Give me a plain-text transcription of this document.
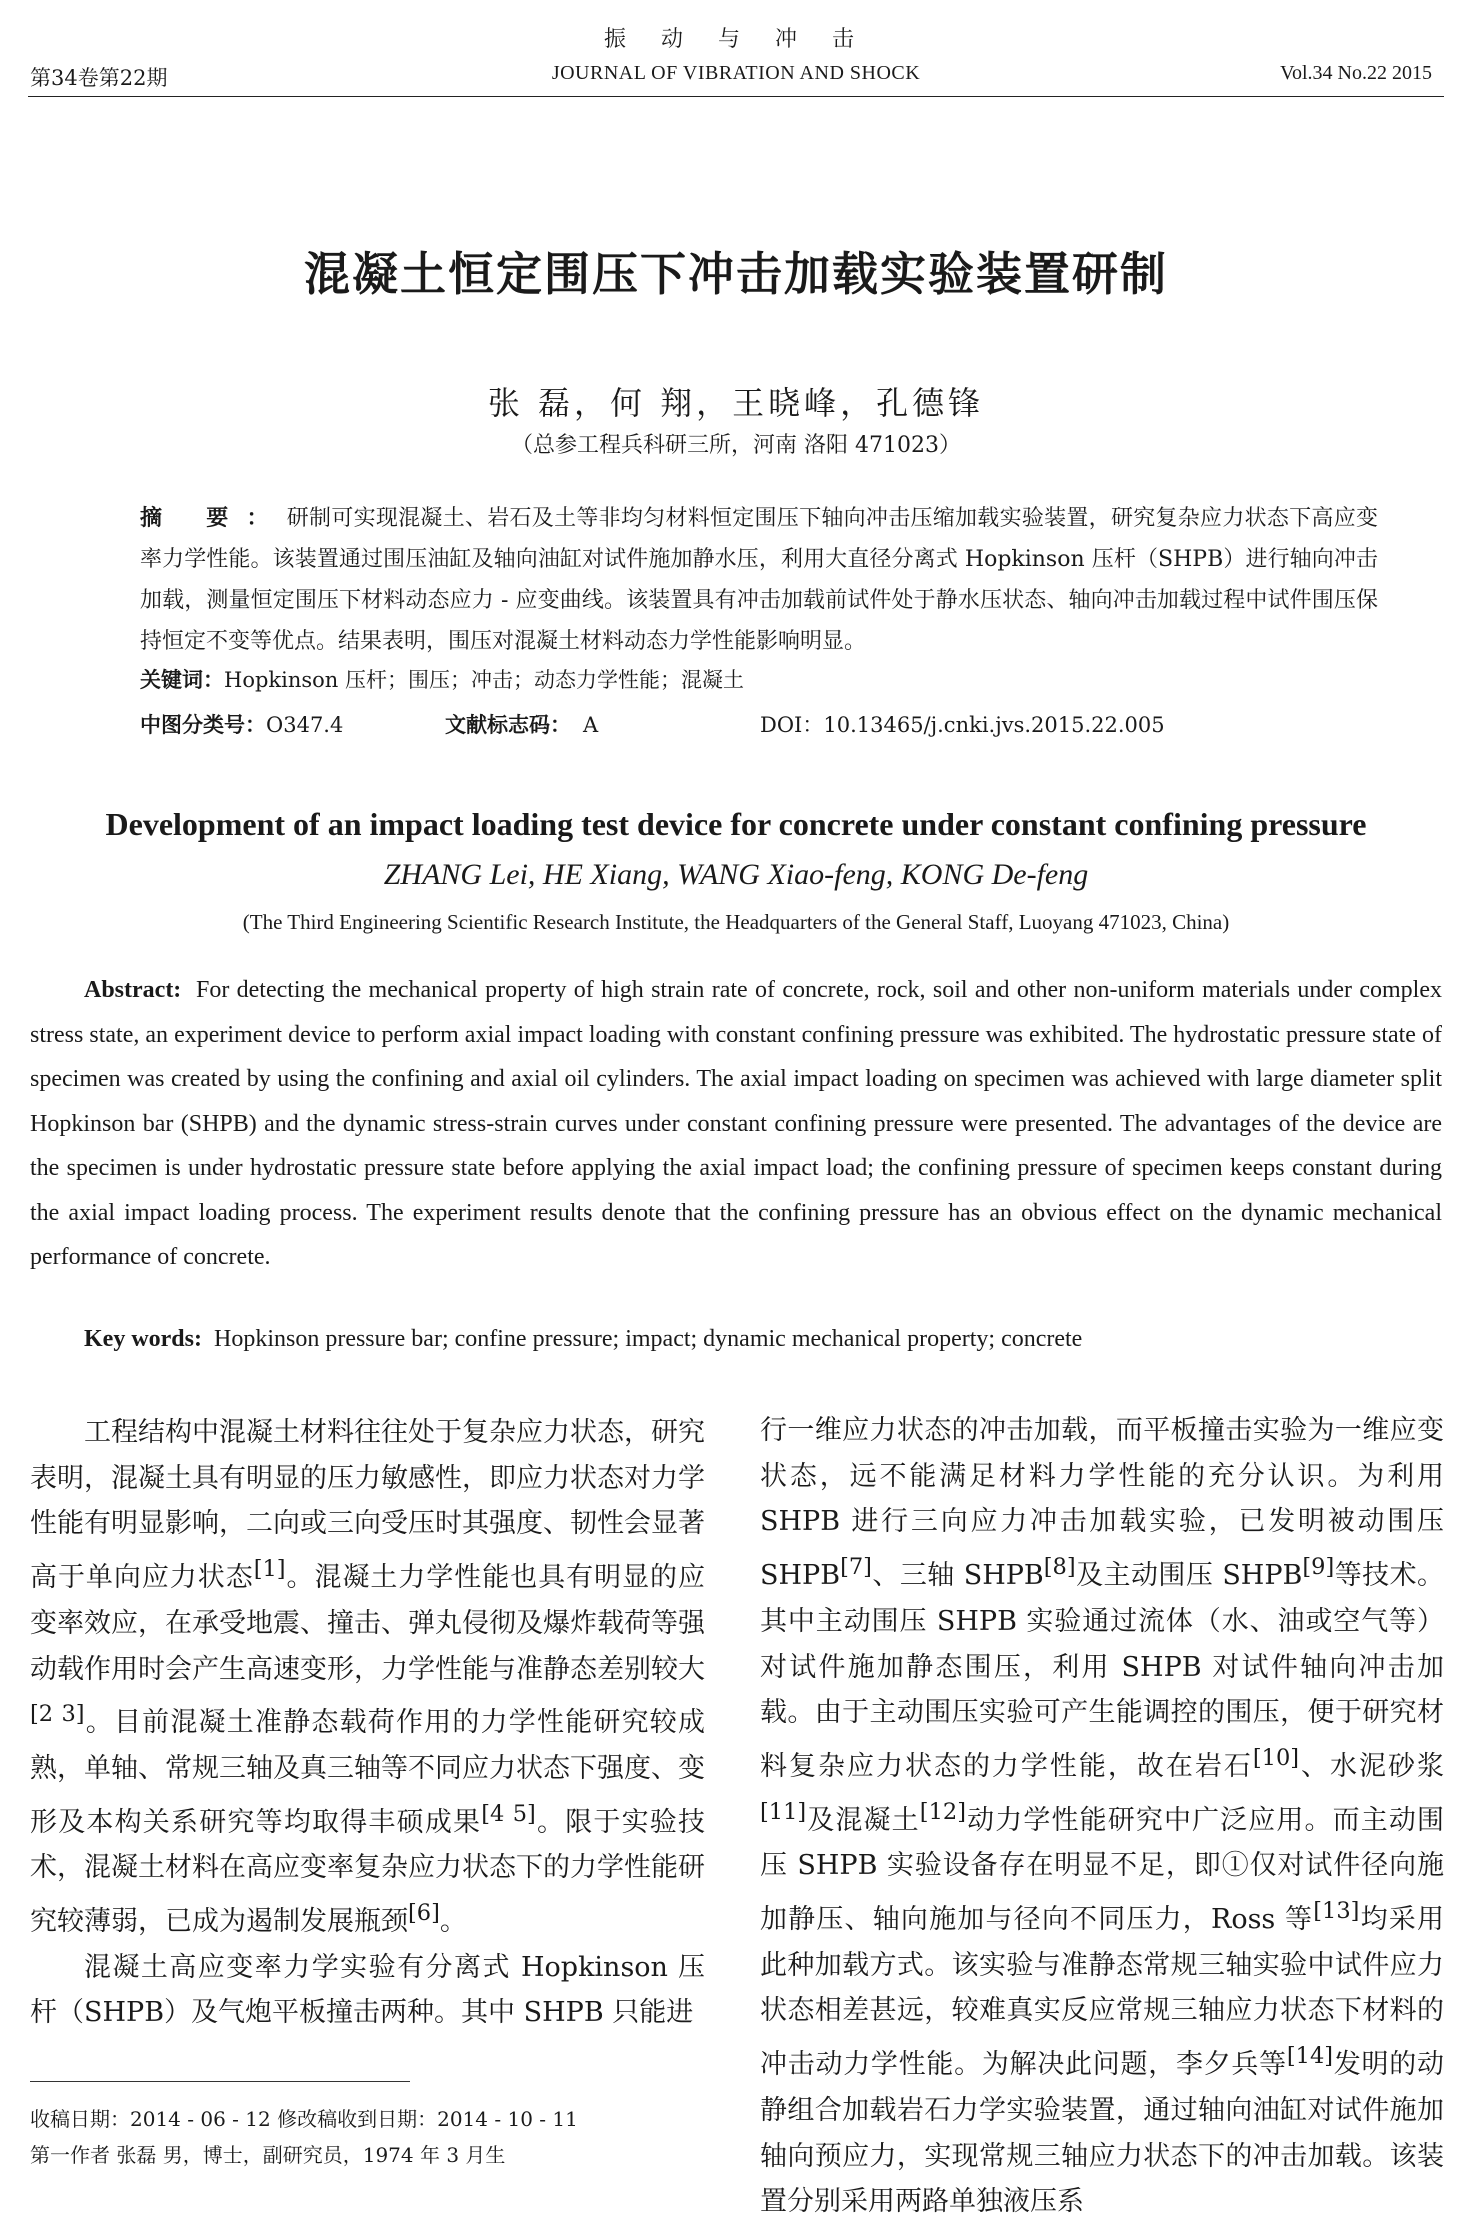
振 动 与 冲 击
第34卷第22期	JOURNAL OF VIBRATION AND SHOCK	Vol.34 No.22 2015
混凝土恒定围压下冲击加载实验装置研制
张 磊，何 翔，王晓峰，孔德锋
（总参工程兵科研三所，河南 洛阳 471023）
摘 要：研制可实现混凝土、岩石及土等非均匀材料恒定围压下轴向冲击压缩加载实验装置，研究复杂应力状态下高应变率力学性能。该装置通过围压油缸及轴向油缸对试件施加静水压，利用大直径分离式 Hopkinson 压杆（SHPB）进行轴向冲击加载，测量恒定围压下材料动态应力 - 应变曲线。该装置具有冲击加载前试件处于静水压状态、轴向冲击加载过程中试件围压保持恒定不变等优点。结果表明，围压对混凝土材料动态力学性能影响明显。
关键词：Hopkinson 压杆；围压；冲击；动态力学性能；混凝土
中图分类号：O347.4	文献标志码： A	DOI：10.13465/j.cnki.jvs.2015.22.005
Development of an impact loading test device for concrete under constant confining pressure
ZHANG Lei, HE Xiang, WANG Xiao-feng, KONG De-feng
(The Third Engineering Scientific Research Institute, the Headquarters of the General Staff, Luoyang 471023, China)
Abstract: For detecting the mechanical property of high strain rate of concrete, rock, soil and other non-uniform materials under complex stress state, an experiment device to perform axial impact loading with constant confining pressure was exhibited. The hydrostatic pressure state of specimen was created by using the confining and axial oil cylinders. The axial impact loading on specimen was achieved with large diameter split Hopkinson bar (SHPB) and the dynamic stress-strain curves under constant confining pressure were presented. The advantages of the device are the specimen is under hydrostatic pressure state before applying the axial impact load; the confining pressure of specimen keeps constant during the axial impact loading process. The experiment results denote that the confining pressure has an obvious effect on the dynamic mechanical performance of concrete.
Key words: Hopkinson pressure bar; confine pressure; impact; dynamic mechanical property; concrete

工程结构中混凝土材料往往处于复杂应力状态，研究表明，混凝土具有明显的压力敏感性，即应力状态对力学性能有明显影响，二向或三向受压时其强度、韧性会显著高于单向应力状态[1]。混凝土力学性能也具有明显的应变率效应，在承受地震、撞击、弹丸侵彻及爆炸载荷等强动载作用时会产生高速变形，力学性能与准静态差别较大[2 3]。目前混凝土准静态载荷作用的力学性能研究较成熟，单轴、常规三轴及真三轴等不同应力状态下强度、变形及本构关系研究等均取得丰硕成果[4 5]。限于实验技术，混凝土材料在高应变率复杂应力状态下的力学性能研究较薄弱，已成为遏制发展瓶颈[6]。

混凝土高应变率力学实验有分离式 Hopkinson 压杆（SHPB）及气炮平板撞击两种。其中 SHPB 只能进

行一维应力状态的冲击加载，而平板撞击实验为一维应变状态，远不能满足材料力学性能的充分认识。为利用 SHPB 进行三向应力冲击加载实验，已发明被动围压 SHPB[7]、三轴 SHPB[8]及主动围压 SHPB[9]等技术。其中主动围压 SHPB 实验通过流体（水、油或空气等）对试件施加静态围压，利用 SHPB 对试件轴向冲击加载。由于主动围压实验可产生能调控的围压，便于研究材料复杂应力状态的力学性能，故在岩石[10]、水泥砂浆[11]及混凝土[12]动力学性能研究中广泛应用。而主动围压 SHPB 实验设备存在明显不足，即①仅对试件径向施加静压、轴向施加与径向不同压力，Ross 等[13]均采用此种加载方式。该实验与准静态常规三轴实验中试件应力状态相差甚远，较难真实反应常规三轴应力状态下材料的冲击动力学性能。为解决此问题，李夕兵等[14]发明的动静组合加载岩石力学实验装置，通过轴向油缸对试件施加轴向预应力，实现常规三轴应力状态下的冲击加载。该装置分别采用两路单独液压系

收稿日期：2014 - 06 - 12 修改稿收到日期：2014 - 10 - 11
第一作者 张磊 男，博士，副研究员，1974 年 3 月生
